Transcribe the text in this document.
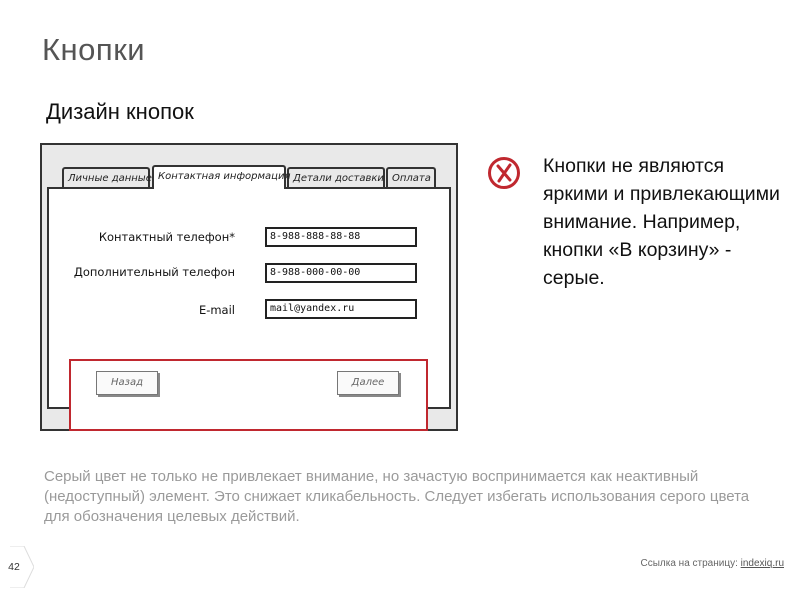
Кнопки
Дизайн кнопок
Личные данные Контактная информация Детали доставки Оплата
Контактный телефон*	8-988-888-88-88
Дополнительный телефон	8-988-000-00-00
E-mail	mail@yandex.ru
Назад	Далее
Кнопки не являются яркими и привлекающими внимание. Например, кнопки «В корзину» - серые.
Серый цвет не только не привлекает внимание, но зачастую воспринимается как неактивный (недоступный) элемент. Это снижает кликабельность. Следует избегать использования серого цвета для обозначения целевых действий.
42	Ссылка на страницу: indexiq.ru
